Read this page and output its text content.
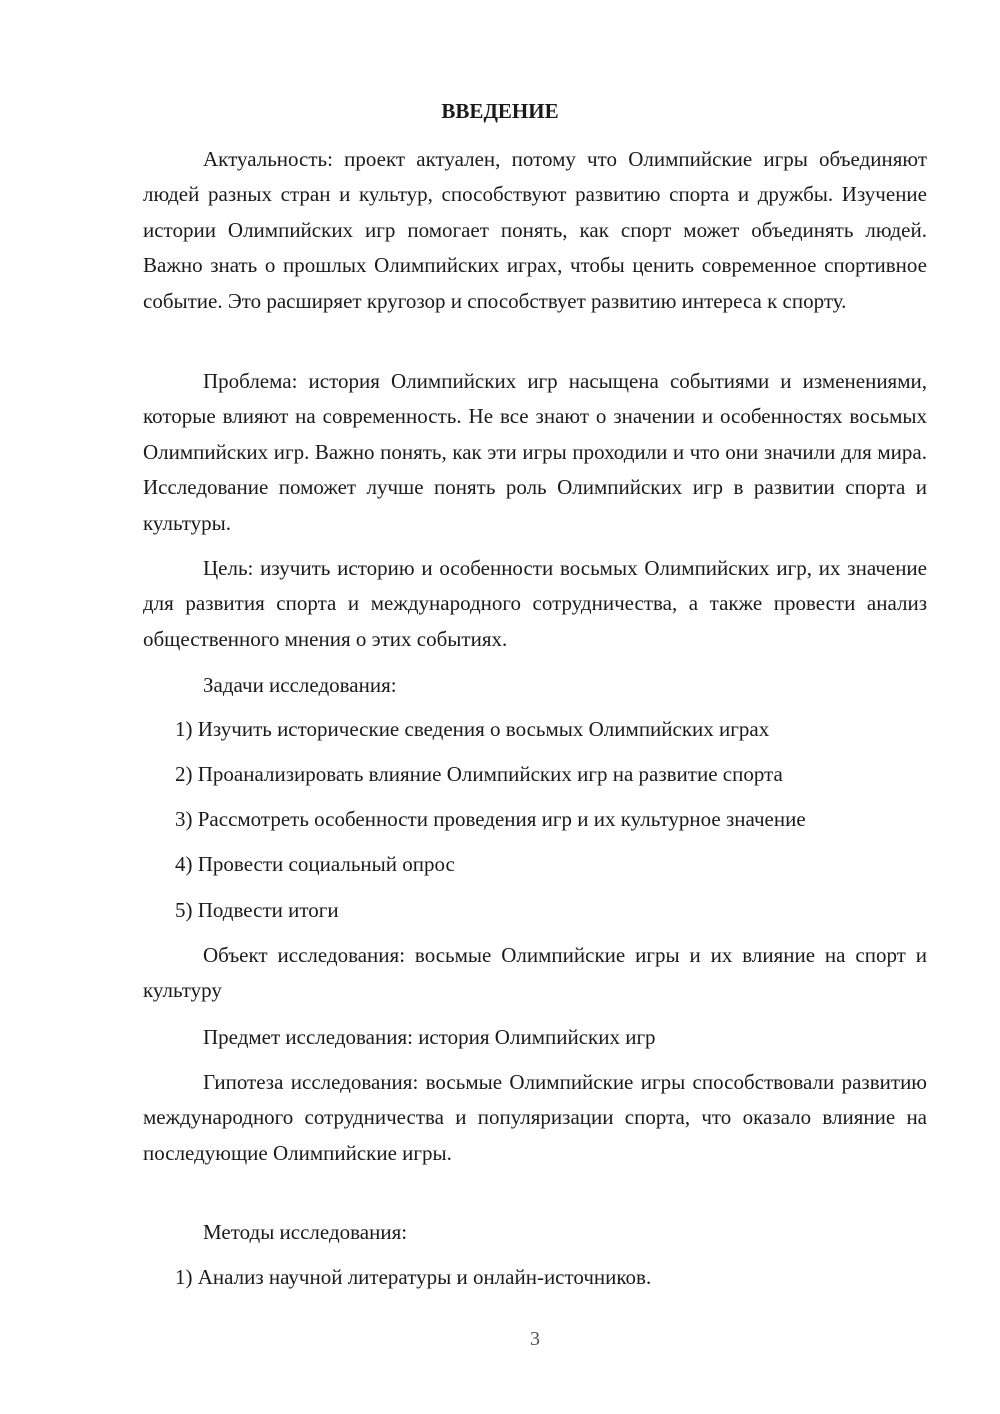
ВВЕДЕНИЕ
Актуальность: проект актуален, потому что Олимпийские игры объединяют людей разных стран и культур, способствуют развитию спорта и дружбы. Изучение истории Олимпийских игр помогает понять, как спорт может объединять людей. Важно знать о прошлых Олимпийских играх, чтобы ценить современное спортивное событие. Это расширяет кругозор и способствует развитию интереса к спорту.
Проблема: история Олимпийских игр насыщена событиями и изменениями, которые влияют на современность. Не все знают о значении и особенностях восьмых Олимпийских игр. Важно понять, как эти игры проходили и что они значили для мира. Исследование поможет лучше понять роль Олимпийских игр в развитии спорта и культуры.
Цель: изучить историю и особенности восьмых Олимпийских игр, их значение для развития спорта и международного сотрудничества, а также провести анализ общественного мнения о этих событиях.
Задачи исследования:
1) Изучить исторические сведения о восьмых Олимпийских играх
2) Проанализировать влияние Олимпийских игр на развитие спорта
3) Рассмотреть особенности проведения игр и их культурное значение
4) Провести социальный опрос
5) Подвести итоги
Объект исследования: восьмые Олимпийские игры и их влияние на спорт и культуру
Предмет исследования: история Олимпийских игр
Гипотеза исследования: восьмые Олимпийские игры способствовали развитию международного сотрудничества и популяризации спорта, что оказало влияние на последующие Олимпийские игры.
Методы исследования:
1) Анализ научной литературы и онлайн-источников.
3
